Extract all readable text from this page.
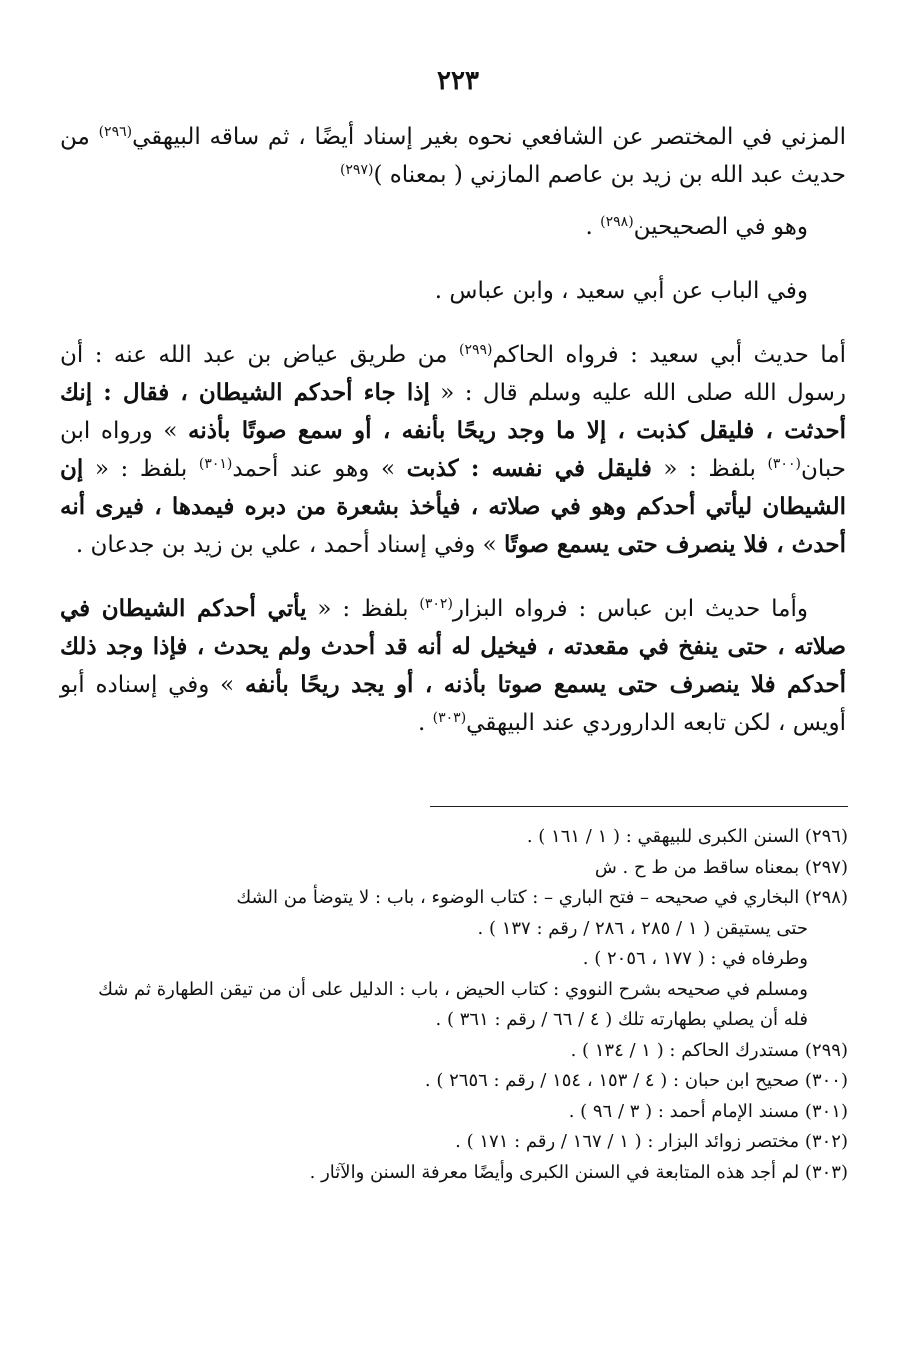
٢٢٣

المزني في المختصر عن الشافعي نحوه بغير إسناد أيضًا ، ثم ساقه البيهقي$^{(٢٩٦)}$ من حديث عبد الله بن زيد بن عاصم المازني ( بمعناه )$^{(٢٩٧)}$

وهو في الصحيحين$^{(٢٩٨)}$ .

وفي الباب عن أبي سعيد ، وابن عباس .

أما حديث أبي سعيد : فرواه الحاكم$^{(٢٩٩)}$ من طريق عياض بن عبد الله عنه : أن رسول الله صلى الله عليه وسلم قال : « إذا جاء أحدكم الشيطان ، فقال : إنك أحدثت ، فليقل كذبت ، إلا ما وجد ريحًا بأنفه ، أو سمع صوتًا بأذنه » ورواه ابن حبان$^{(٣٠٠)}$ بلفظ : « فليقل في نفسه : كذبت » وهو عند أحمد$^{(٣٠١)}$ بلفظ : « إن الشيطان ليأتي أحدكم وهو في صلاته ، فيأخذ بشعرة من دبره فيمدها ، فيرى أنه أحدث ، فلا ينصرف حتى يسمع صوتًا » وفي إسناد أحمد ، علي بن زيد بن جدعان .

وأما حديث ابن عباس : فرواه البزار$^{(٣٠٢)}$ بلفظ : « يأتي أحدكم الشيطان في صلاته ، حتى ينفخ في مقعدته ، فيخيل له أنه قد أحدث ولم يحدث ، فإذا وجد ذلك أحدكم فلا ينصرف حتى يسمع صوتا بأذنه ، أو يجد ريحًا بأنفه » وفي إسناده أبو أويس ، لكن تابعه الداروردي عند البيهقي$^{(٣٠٣)}$ .

(٢٩٦) السنن الكبرى للبيهقي : ( ١ / ١٦١ ) .

(٢٩٧) بمعناه ساقط من ط ح . ش

(٢٩٨) البخاري في صحيحه – فتح الباري – : كتاب الوضوء ، باب : لا يتوضأ من الشك

حتى يستيقن ( ١ / ٢٨٥ ، ٢٨٦ / رقم : ١٣٧ ) .

وطرفاه في : ( ١٧٧ ، ٢٠٥٦ ) .

ومسلم في صحيحه بشرح النووي : كتاب الحيض ، باب : الدليل على أن من تيقن الطهارة ثم شك فله أن يصلي بطهارته تلك ( ٤ / ٦٦ / رقم : ٣٦١ ) .

(٢٩٩) مستدرك الحاكم : ( ١ / ١٣٤ ) .

(٣٠٠) صحيح ابن حبان : ( ٤ / ١٥٣ ، ١٥٤ / رقم : ٢٦٥٦ ) .

(٣٠١) مسند الإمام أحمد : ( ٣ / ٩٦ ) .

(٣٠٢) مختصر زوائد البزار : ( ١ / ١٦٧ / رقم : ١٧١ ) .

(٣٠٣) لم أجد هذه المتابعة في السنن الكبرى وأيضًا معرفة السنن والآثار .
